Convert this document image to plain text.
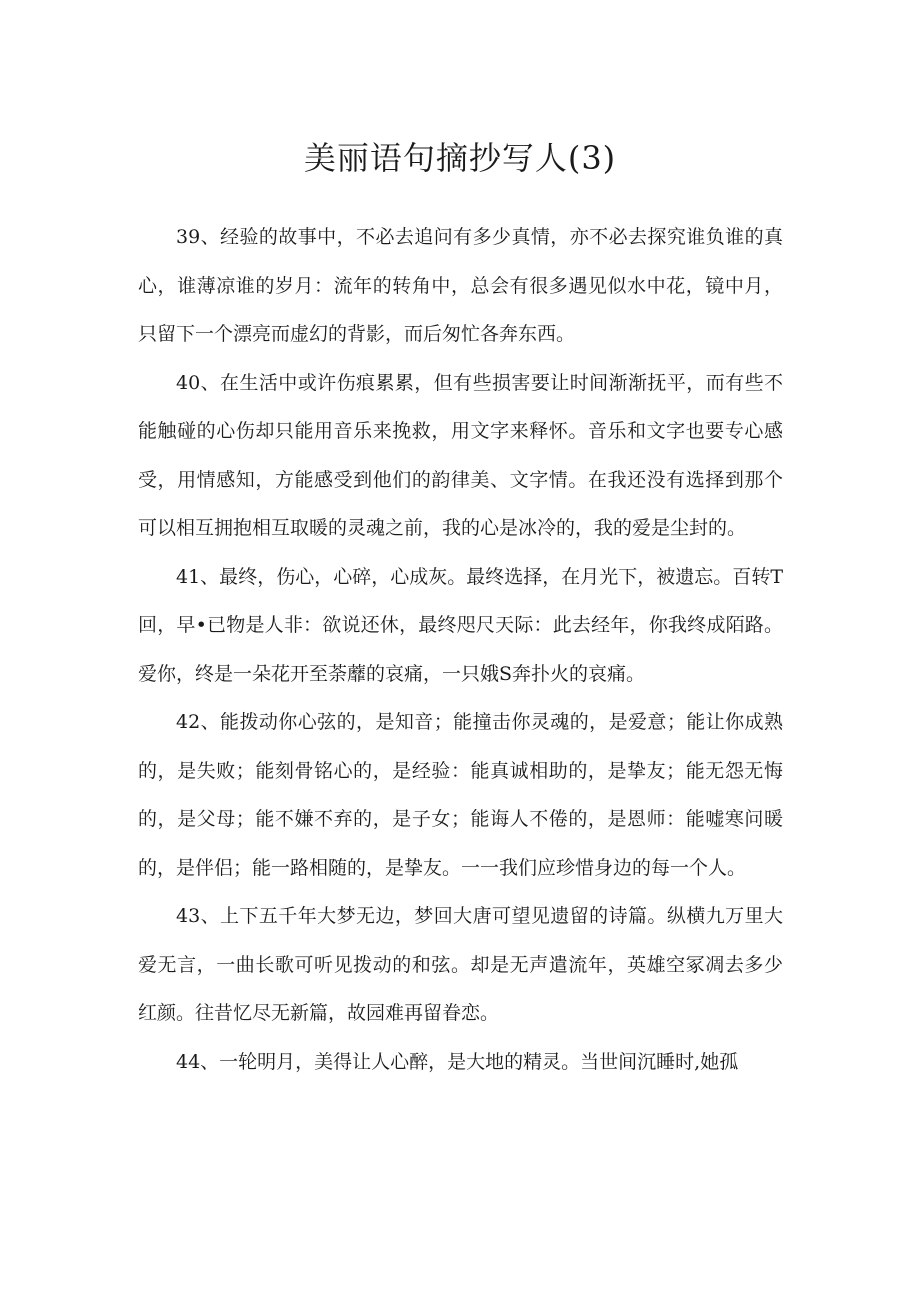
美丽语句摘抄写人(3)

39、经验的故事中，不必去追问有多少真情，亦不必去探究谁负谁的真心，谁薄凉谁的岁月：流年的转角中，总会有很多遇见似水中花，镜中月，只留下一个漂亮而虚幻的背影，而后匆忙各奔东西。

40、在生活中或许伤痕累累，但有些损害要让时间渐渐抚平，而有些不能触碰的心伤却只能用音乐来挽救，用文字来释怀。音乐和文字也要专心感受，用情感知，方能感受到他们的韵律美、文字情。在我还没有选择到那个可以相互拥抱相互取暖的灵魂之前，我的心是冰冷的，我的爱是尘封的。

41、最终，伤心，心碎，心成灰。最终选择，在月光下，被遗忘。百转T回，早•已物是人非：欲说还休，最终咫尺天际：此去经年，你我终成陌路。爱你，终是一朵花开至荼蘼的哀痛，一只娥S奔扑火的哀痛。

42、能拨动你心弦的，是知音；能撞击你灵魂的，是爱意；能让你成熟的，是失败；能刻骨铭心的，是经验：能真诚相助的，是挚友；能无怨无悔的，是父母；能不嫌不弃的，是子女；能诲人不倦的，是恩师：能嘘寒问暖的，是伴侣；能一路相随的，是挚友。一一我们应珍惜身边的每一个人。

43、上下五千年大梦无边，梦回大唐可望见遗留的诗篇。纵横九万里大爱无言，一曲长歌可听见拨动的和弦。却是无声遣流年，英雄空冢凋去多少红颜。往昔忆尽无新篇，故园难再留眷恋。

44、一轮明月，美得让人心醉，是大地的精灵。当世间沉睡时,她孤
